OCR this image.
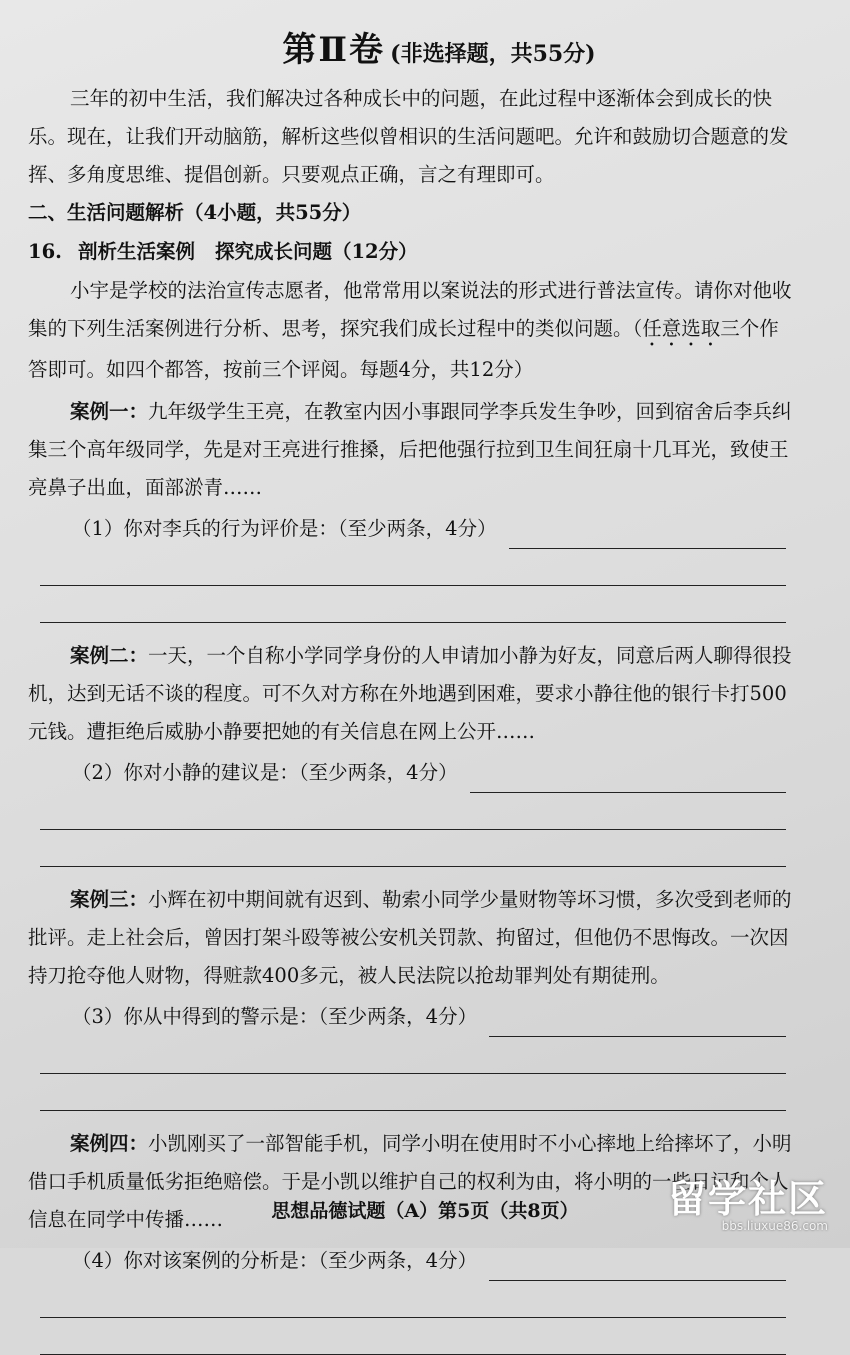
第Ⅱ卷 (非选择题，共55分)

三年的初中生活，我们解决过各种成长中的问题，在此过程中逐渐体会到成长的快

乐。现在，让我们开动脑筋，解析这些似曾相识的生活问题吧。允许和鼓励切合题意的发

挥、多角度思维、提倡创新。只要观点正确，言之有理即可。

二、生活问题解析（4小题，共55分）

16. 剖析生活案例 探究成长问题（12分）

小宇是学校的法治宣传志愿者，他常常用以案说法的形式进行普法宣传。请你对他收

集的下列生活案例进行分析、思考，探究我们成长过程中的类似问题。（任意选取三个作

答即可。如四个都答，按前三个评阅。每题4分，共12分）

案例一：九年级学生王亮，在教室内因小事跟同学李兵发生争吵，回到宿舍后李兵纠

集三个高年级同学，先是对王亮进行推搡，后把他强行拉到卫生间狂扇十几耳光，致使王

亮鼻子出血，面部淤青……

（1）你对李兵的行为评价是：（至少两条，4分）

案例二：一天，一个自称小学同学身份的人申请加小静为好友，同意后两人聊得很投

机，达到无话不谈的程度。可不久对方称在外地遇到困难，要求小静往他的银行卡打500

元钱。遭拒绝后威胁小静要把她的有关信息在网上公开……

（2）你对小静的建议是：（至少两条，4分）

案例三：小辉在初中期间就有迟到、勒索小同学少量财物等坏习惯，多次受到老师的

批评。走上社会后，曾因打架斗殴等被公安机关罚款、拘留过，但他仍不思悔改。一次因

持刀抢夺他人财物，得赃款400多元，被人民法院以抢劫罪判处有期徒刑。

（3）你从中得到的警示是：（至少两条，4分）

案例四：小凯刚买了一部智能手机，同学小明在使用时不小心摔地上给摔坏了，小明

借口手机质量低劣拒绝赔偿。于是小凯以维护自己的权利为由，将小明的一些日记和个人

信息在同学中传播……

（4）你对该案例的分析是：（至少两条，4分）
思想品德试题（A）第5页（共8页）	留学社区
bbs.liuxue86.com
